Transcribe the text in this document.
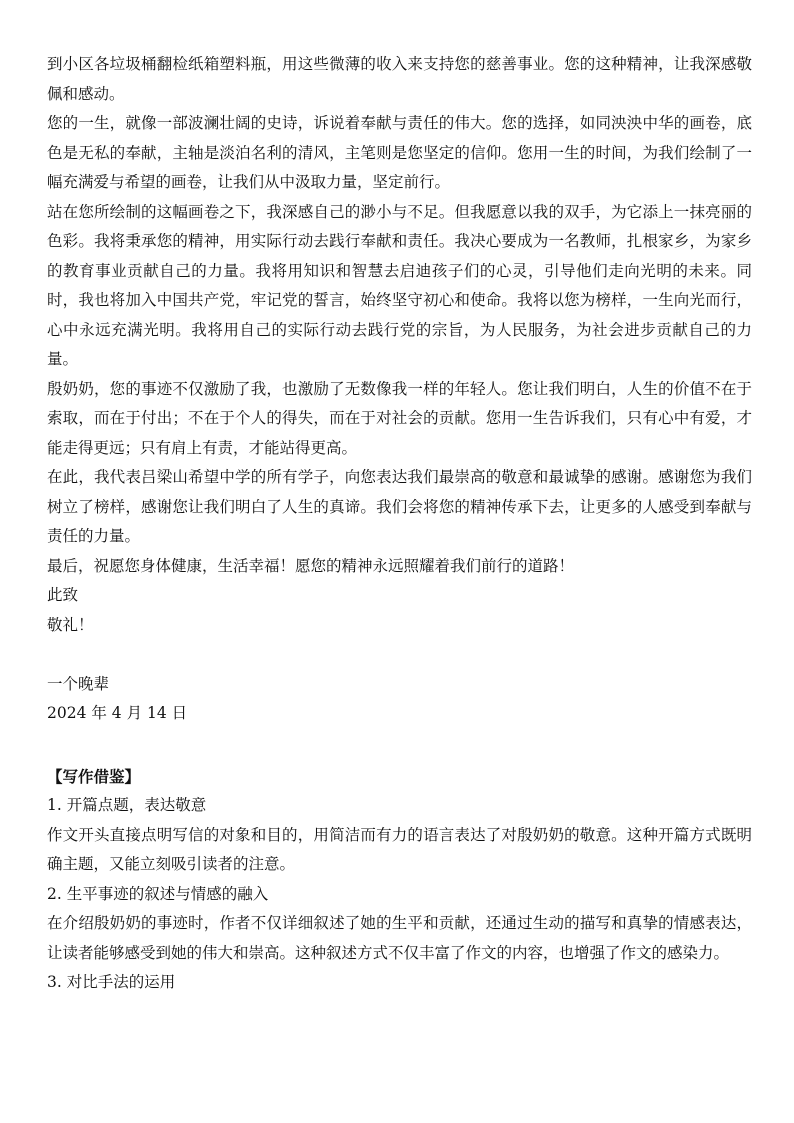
到小区各垃圾桶翻检纸箱塑料瓶，用这些微薄的收入来支持您的慈善事业。您的这种精神，让我深感敬佩和感动。

您的一生，就像一部波澜壮阔的史诗，诉说着奉献与责任的伟大。您的选择，如同泱泱中华的画卷，底色是无私的奉献，主轴是淡泊名利的清风，主笔则是您坚定的信仰。您用一生的时间，为我们绘制了一幅充满爱与希望的画卷，让我们从中汲取力量，坚定前行。

站在您所绘制的这幅画卷之下，我深感自己的渺小与不足。但我愿意以我的双手，为它添上一抹亮丽的色彩。我将秉承您的精神，用实际行动去践行奉献和责任。我决心要成为一名教师，扎根家乡，为家乡的教育事业贡献自己的力量。我将用知识和智慧去启迪孩子们的心灵，引导他们走向光明的未来。同时，我也将加入中国共产党，牢记党的誓言，始终坚守初心和使命。我将以您为榜样，一生向光而行，心中永远充满光明。我将用自己的实际行动去践行党的宗旨，为人民服务，为社会进步贡献自己的力量。

殷奶奶，您的事迹不仅激励了我，也激励了无数像我一样的年轻人。您让我们明白，人生的价值不在于索取，而在于付出；不在于个人的得失，而在于对社会的贡献。您用一生告诉我们，只有心中有爱，才能走得更远；只有肩上有责，才能站得更高。

在此，我代表吕梁山希望中学的所有学子，向您表达我们最崇高的敬意和最诚挚的感谢。感谢您为我们树立了榜样，感谢您让我们明白了人生的真谛。我们会将您的精神传承下去，让更多的人感受到奉献与责任的力量。

最后，祝愿您身体健康，生活幸福！愿您的精神永远照耀着我们前行的道路！

此致

敬礼！

一个晚辈

2024 年 4 月 14 日

【写作借鉴】

1. 开篇点题，表达敬意

作文开头直接点明写信的对象和目的，用简洁而有力的语言表达了对殷奶奶的敬意。这种开篇方式既明确主题，又能立刻吸引读者的注意。

2. 生平事迹的叙述与情感的融入

在介绍殷奶奶的事迹时，作者不仅详细叙述了她的生平和贡献，还通过生动的描写和真挚的情感表达，让读者能够感受到她的伟大和崇高。这种叙述方式不仅丰富了作文的内容，也增强了作文的感染力。

3. 对比手法的运用
